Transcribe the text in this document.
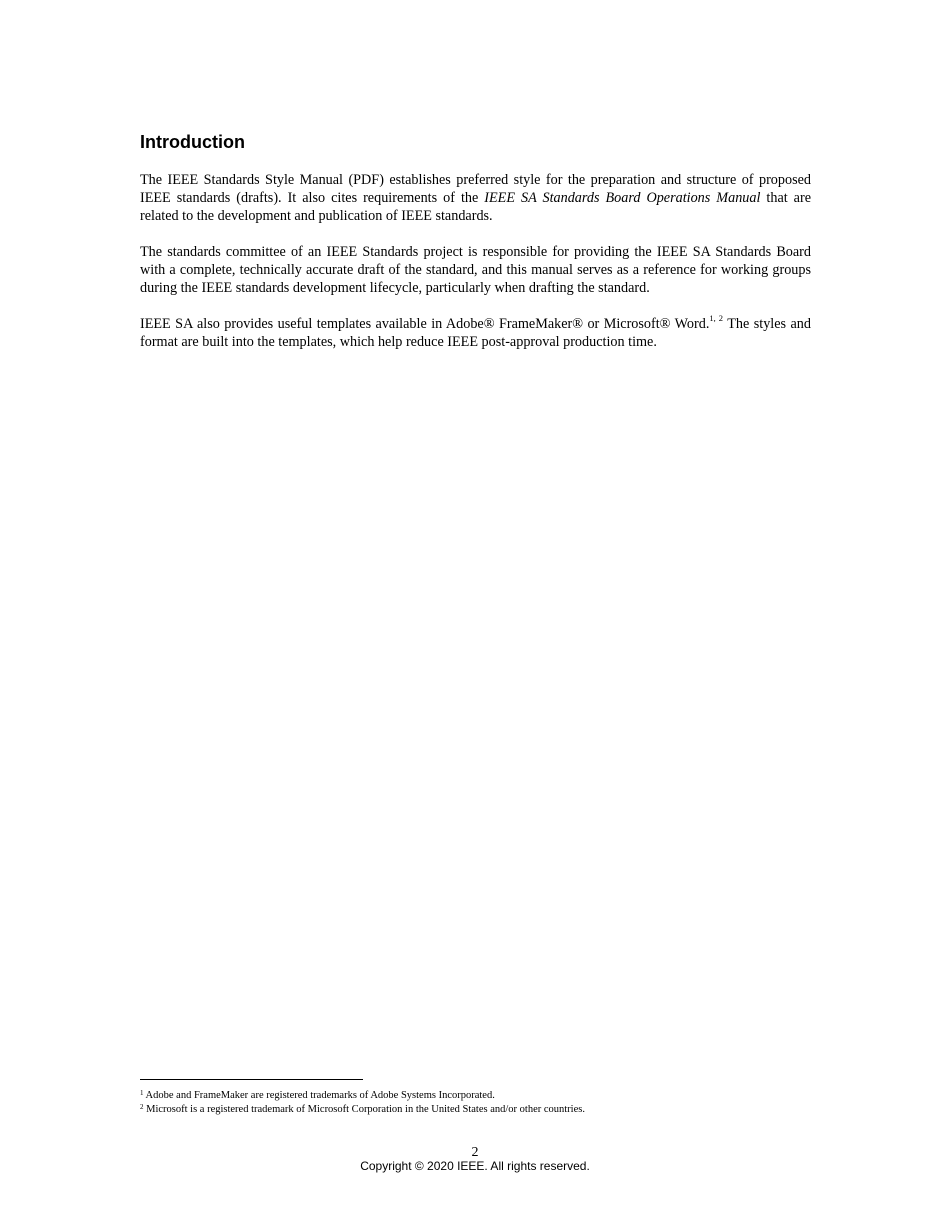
Introduction

The IEEE Standards Style Manual (PDF) establishes preferred style for the preparation and structure of proposed IEEE standards (drafts). It also cites requirements of the IEEE SA Standards Board Operations Manual that are related to the development and publication of IEEE standards.

The standards committee of an IEEE Standards project is responsible for providing the IEEE SA Standards Board with a complete, technically accurate draft of the standard, and this manual serves as a reference for working groups during the IEEE standards development lifecycle, particularly when drafting the standard.

IEEE SA also provides useful templates available in Adobe® FrameMaker® or Microsoft® Word.$^{1, 2}$ The styles and format are built into the templates, which help reduce IEEE post-approval production time.

$^1$ Adobe and FrameMaker are registered trademarks of Adobe Systems Incorporated.
$^2$ Microsoft is a registered trademark of Microsoft Corporation in the United States and/or other countries.
2
Copyright © 2020 IEEE. All rights reserved.
